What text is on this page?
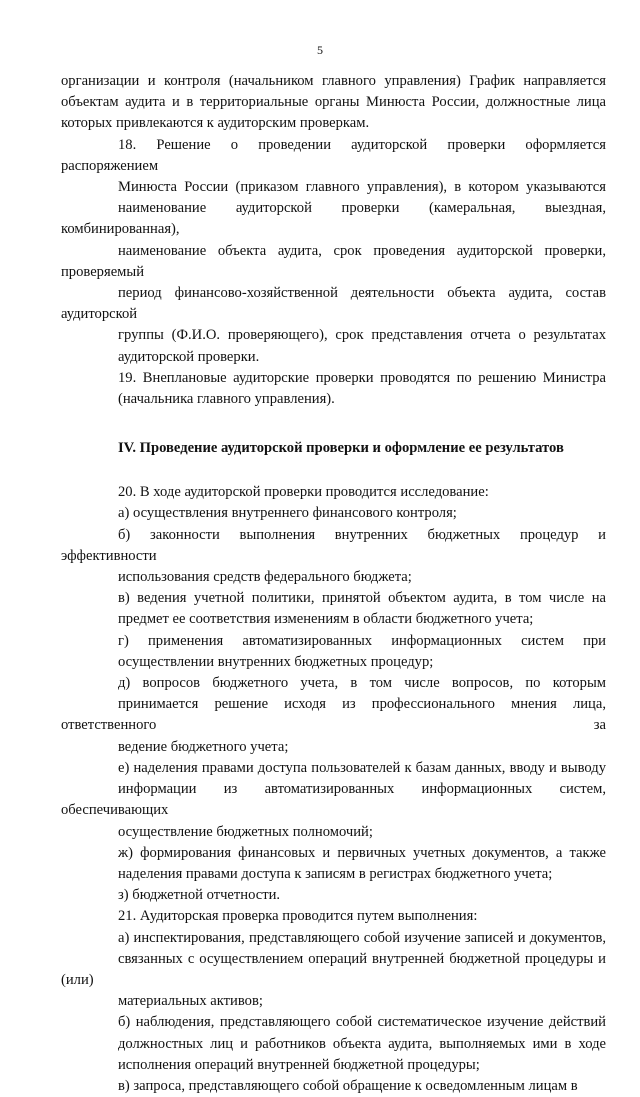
5

организации и контроля (начальником главного управления) График направляется
объектам аудита и в территориальные органы Минюста России, должностные лица
которых привлекаются к аудиторским проверкам.

18. Решение о проведении аудиторской проверки оформляется распоряжением
Минюста России (приказом главного управления), в котором указываются
наименование аудиторской проверки (камеральная, выездная, комбинированная),
наименование объекта аудита, срок проведения аудиторской проверки, проверяемый
период финансово-хозяйственной деятельности объекта аудита, состав аудиторской
группы (Ф.И.О. проверяющего), срок представления отчета о результатах
аудиторской проверки.

19. Внеплановые аудиторские проверки проводятся по решению Министра
(начальника главного управления).

IV. Проведение аудиторской проверки и оформление ее результатов

20. В ходе аудиторской проверки проводится исследование:

а) осуществления внутреннего финансового контроля;

б) законности выполнения внутренних бюджетных процедур и эффективности
использования средств федерального бюджета;

в) ведения учетной политики, принятой объектом аудита, в том числе на
предмет ее соответствия изменениям в области бюджетного учета;

г) применения автоматизированных информационных систем при
осуществлении внутренних бюджетных процедур;

д) вопросов бюджетного учета, в том числе вопросов, по которым
принимается решение исходя из профессионального мнения лица, ответственного за
ведение бюджетного учета;

е) наделения правами доступа пользователей к базам данных, вводу и выводу
информации из автоматизированных информационных систем, обеспечивающих
осуществление бюджетных полномочий;

ж) формирования финансовых и первичных учетных документов, а также
наделения правами доступа к записям в регистрах бюджетного учета;

з) бюджетной отчетности.

21. Аудиторская проверка проводится путем выполнения:

а) инспектирования, представляющего собой изучение записей и документов,
связанных с осуществлением операций внутренней бюджетной процедуры и (или)
материальных активов;

б) наблюдения, представляющего собой систематическое изучение действий
должностных лиц и работников объекта аудита, выполняемых ими в ходе
исполнения операций внутренней бюджетной процедуры;

в) запроса, представляющего собой обращение к осведомленным лицам в
